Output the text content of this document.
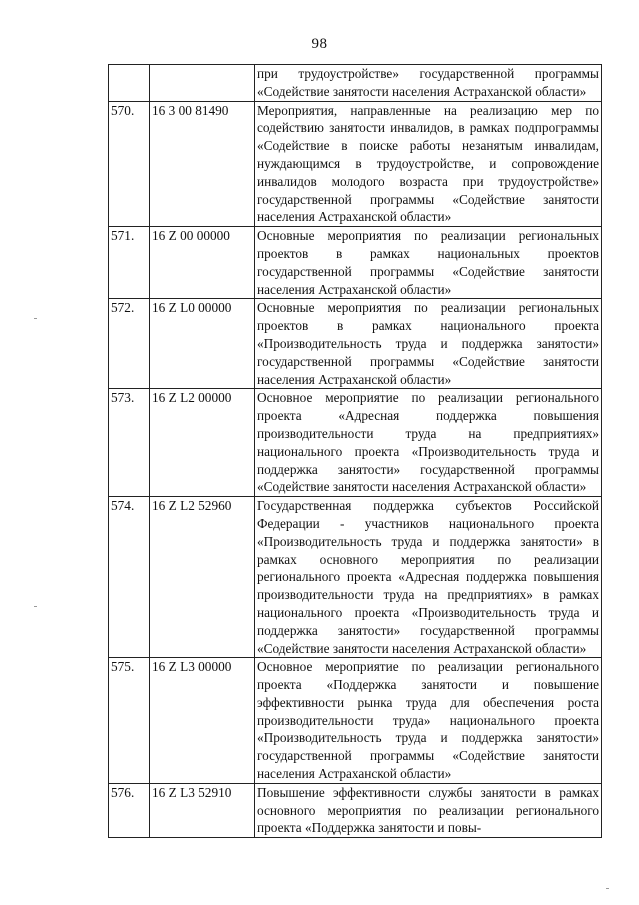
98
		при трудоустройстве» государственной программы «Содействие занятости населения Астраханской области»
570.	16 3 00 81490	Мероприятия, направленные на реализацию мер по содействию занятости инвалидов, в рамках подпрограммы «Содействие в поиске работы незанятым инвалидам, нуждающимся в трудоустройстве, и сопровождение инвалидов молодого возраста при трудоустройстве» государственной программы «Содействие занятости населения Астраханской области»
571.	16 Z 00 00000	Основные мероприятия по реализации региональных проектов в рамках национальных проектов государственной программы «Содействие занятости населения Астраханской области»
572.	16 Z L0 00000	Основные мероприятия по реализации региональных проектов в рамках национального проекта «Производительность труда и поддержка занятости» государственной программы «Содействие занятости населения Астраханской области»
573.	16 Z L2 00000	Основное мероприятие по реализации регионального проекта «Адресная поддержка повышения производительности труда на предприятиях» национального проекта «Производительность труда и поддержка занятости» государственной программы «Содействие занятости населения Астраханской области»
574.	16 Z L2 52960	Государственная поддержка субъектов Российской Федерации - участников национального проекта «Производительность труда и поддержка занятости» в рамках основного мероприятия по реализации регионального проекта «Адресная поддержка повышения производительности труда на предприятиях» в рамках национального проекта «Производительность труда и поддержка занятости» государственной программы «Содействие занятости населения Астраханской области»
575.	16 Z L3 00000	Основное мероприятие по реализации регионального проекта «Поддержка занятости и повышение эффективности рынка труда для обеспечения роста производительности труда» национального проекта «Производительность труда и поддержка занятости» государственной программы «Содействие занятости населения Астраханской области»
576.	16 Z L3 52910	Повышение эффективности службы занятости в рамках основного мероприятия по реализации регионального проекта «Поддержка занятости и повы-
